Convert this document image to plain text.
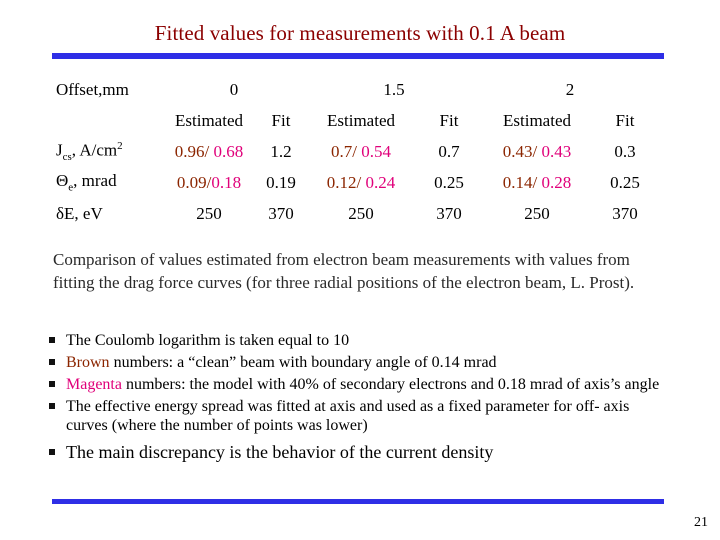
Fitted values for measurements with 0.1 A beam
Offset,mm	0		1.5		2	
	Estimated	Fit	Estimated	Fit	Estimated	Fit
$J_{cs}$, $A/cm^2$	0.96/ 0.68	1.2	0.7/ 0.54	0.7	0.43/ 0.43	0.3
$\Theta_e$, mrad	0.09/0.18	0.19	0.12/ 0.24	0.25	0.14/ 0.28	0.25
δE, eV	250	370	250	370	250	370
Comparison of values estimated from electron beam measurements with values from fitting the drag force curves (for three radial positions of the electron beam, L. Prost).
The Coulomb logarithm is taken equal to 10
Brown numbers: a “clean” beam with boundary angle of 0.14 mrad
Magenta numbers: the model with 40% of secondary electrons and 0.18 mrad of axis’s angle
The effective energy spread was fitted at axis and used as a fixed parameter for off- axis curves (where the number of points was lower)
The main discrepancy is the behavior of the current density
21
